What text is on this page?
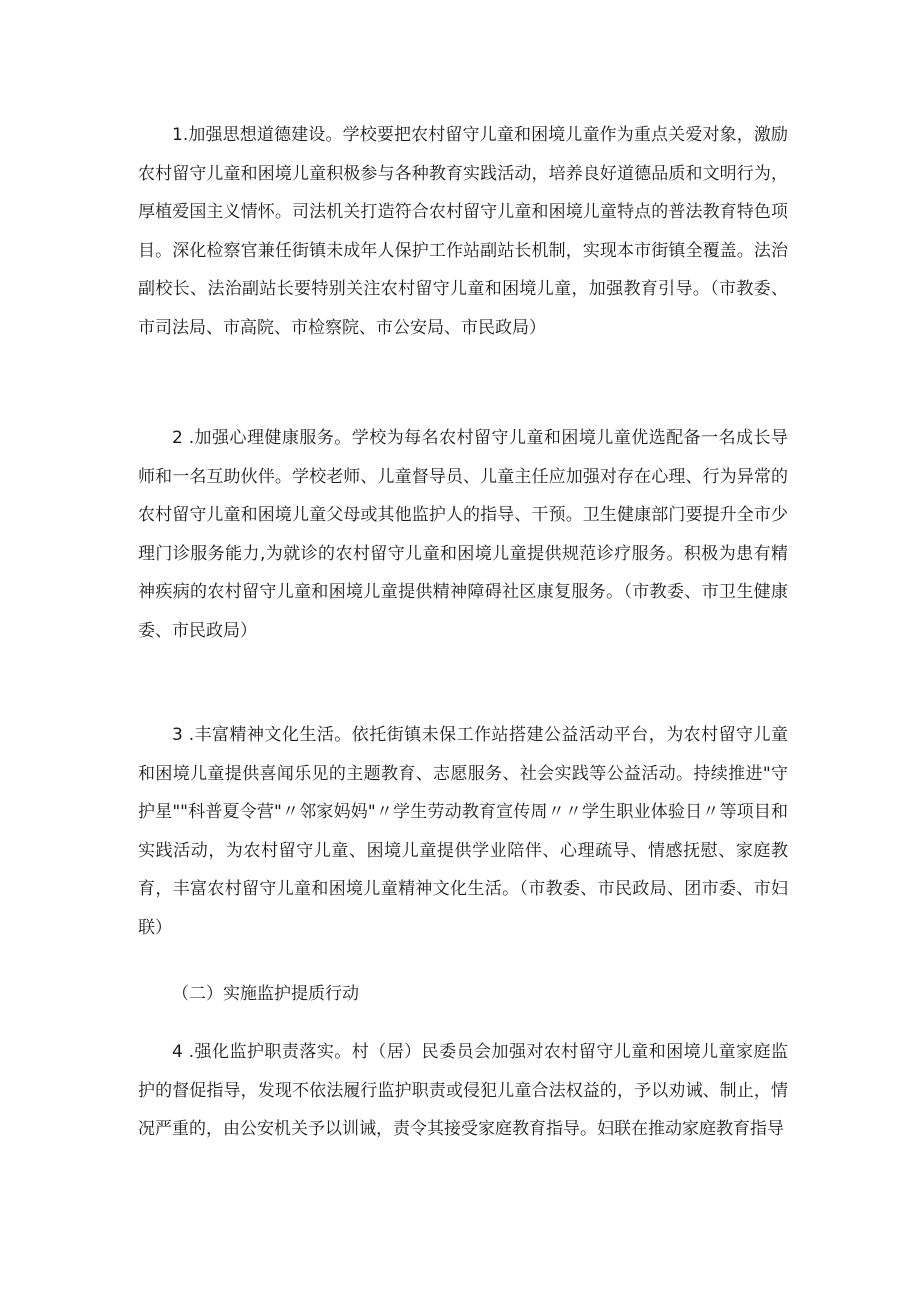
1.加强思想道德建设。学校要把农村留守儿童和困境儿童作为重点关爱对象，激励农村留守儿童和困境儿童积极参与各种教育实践活动，培养良好道德品质和文明行为，厚植爱国主义情怀。司法机关打造符合农村留守儿童和困境儿童特点的普法教育特色项目。深化检察官兼任街镇未成年人保护工作站副站长机制，实现本市街镇全覆盖。法治副校长、法治副站长要特别关注农村留守儿童和困境儿童，加强教育引导。（市教委、市司法局、市高院、市检察院、市公安局、市民政局）

2 .加强心理健康服务。学校为每名农村留守儿童和困境儿童优选配备一名成长导师和一名互助伙伴。学校老师、儿童督导员、儿童主任应加强对存在心理、行为异常的农村留守儿童和困境儿童父母或其他监护人的指导、干预。卫生健康部门要提升全市少理门诊服务能力,为就诊的农村留守儿童和困境儿童提供规范诊疗服务。积极为患有精神疾病的农村留守儿童和困境儿童提供精神障碍社区康复服务。（市教委、市卫生健康委、市民政局）

3 .丰富精神文化生活。依托街镇未保工作站搭建公益活动平台，为农村留守儿童和困境儿童提供喜闻乐见的主题教育、志愿服务、社会实践等公益活动。持续推进"守护星""科普夏令营"〃邻家妈妈"〃学生劳动教育宣传周〃〃学生职业体验日〃等项目和实践活动，为农村留守儿童、困境儿童提供学业陪伴、心理疏导、情感抚慰、家庭教育，丰富农村留守儿童和困境儿童精神文化生活。（市教委、市民政局、团市委、市妇联）

（二）实施监护提质行动

4 .强化监护职责落实。村（居）民委员会加强对农村留守儿童和困境儿童家庭监护的督促指导，发现不依法履行监护职责或侵犯儿童合法权益的，予以劝诫、制止，情况严重的，由公安机关予以训诫，责令其接受家庭教育指导。妇联在推动家庭教育指导
